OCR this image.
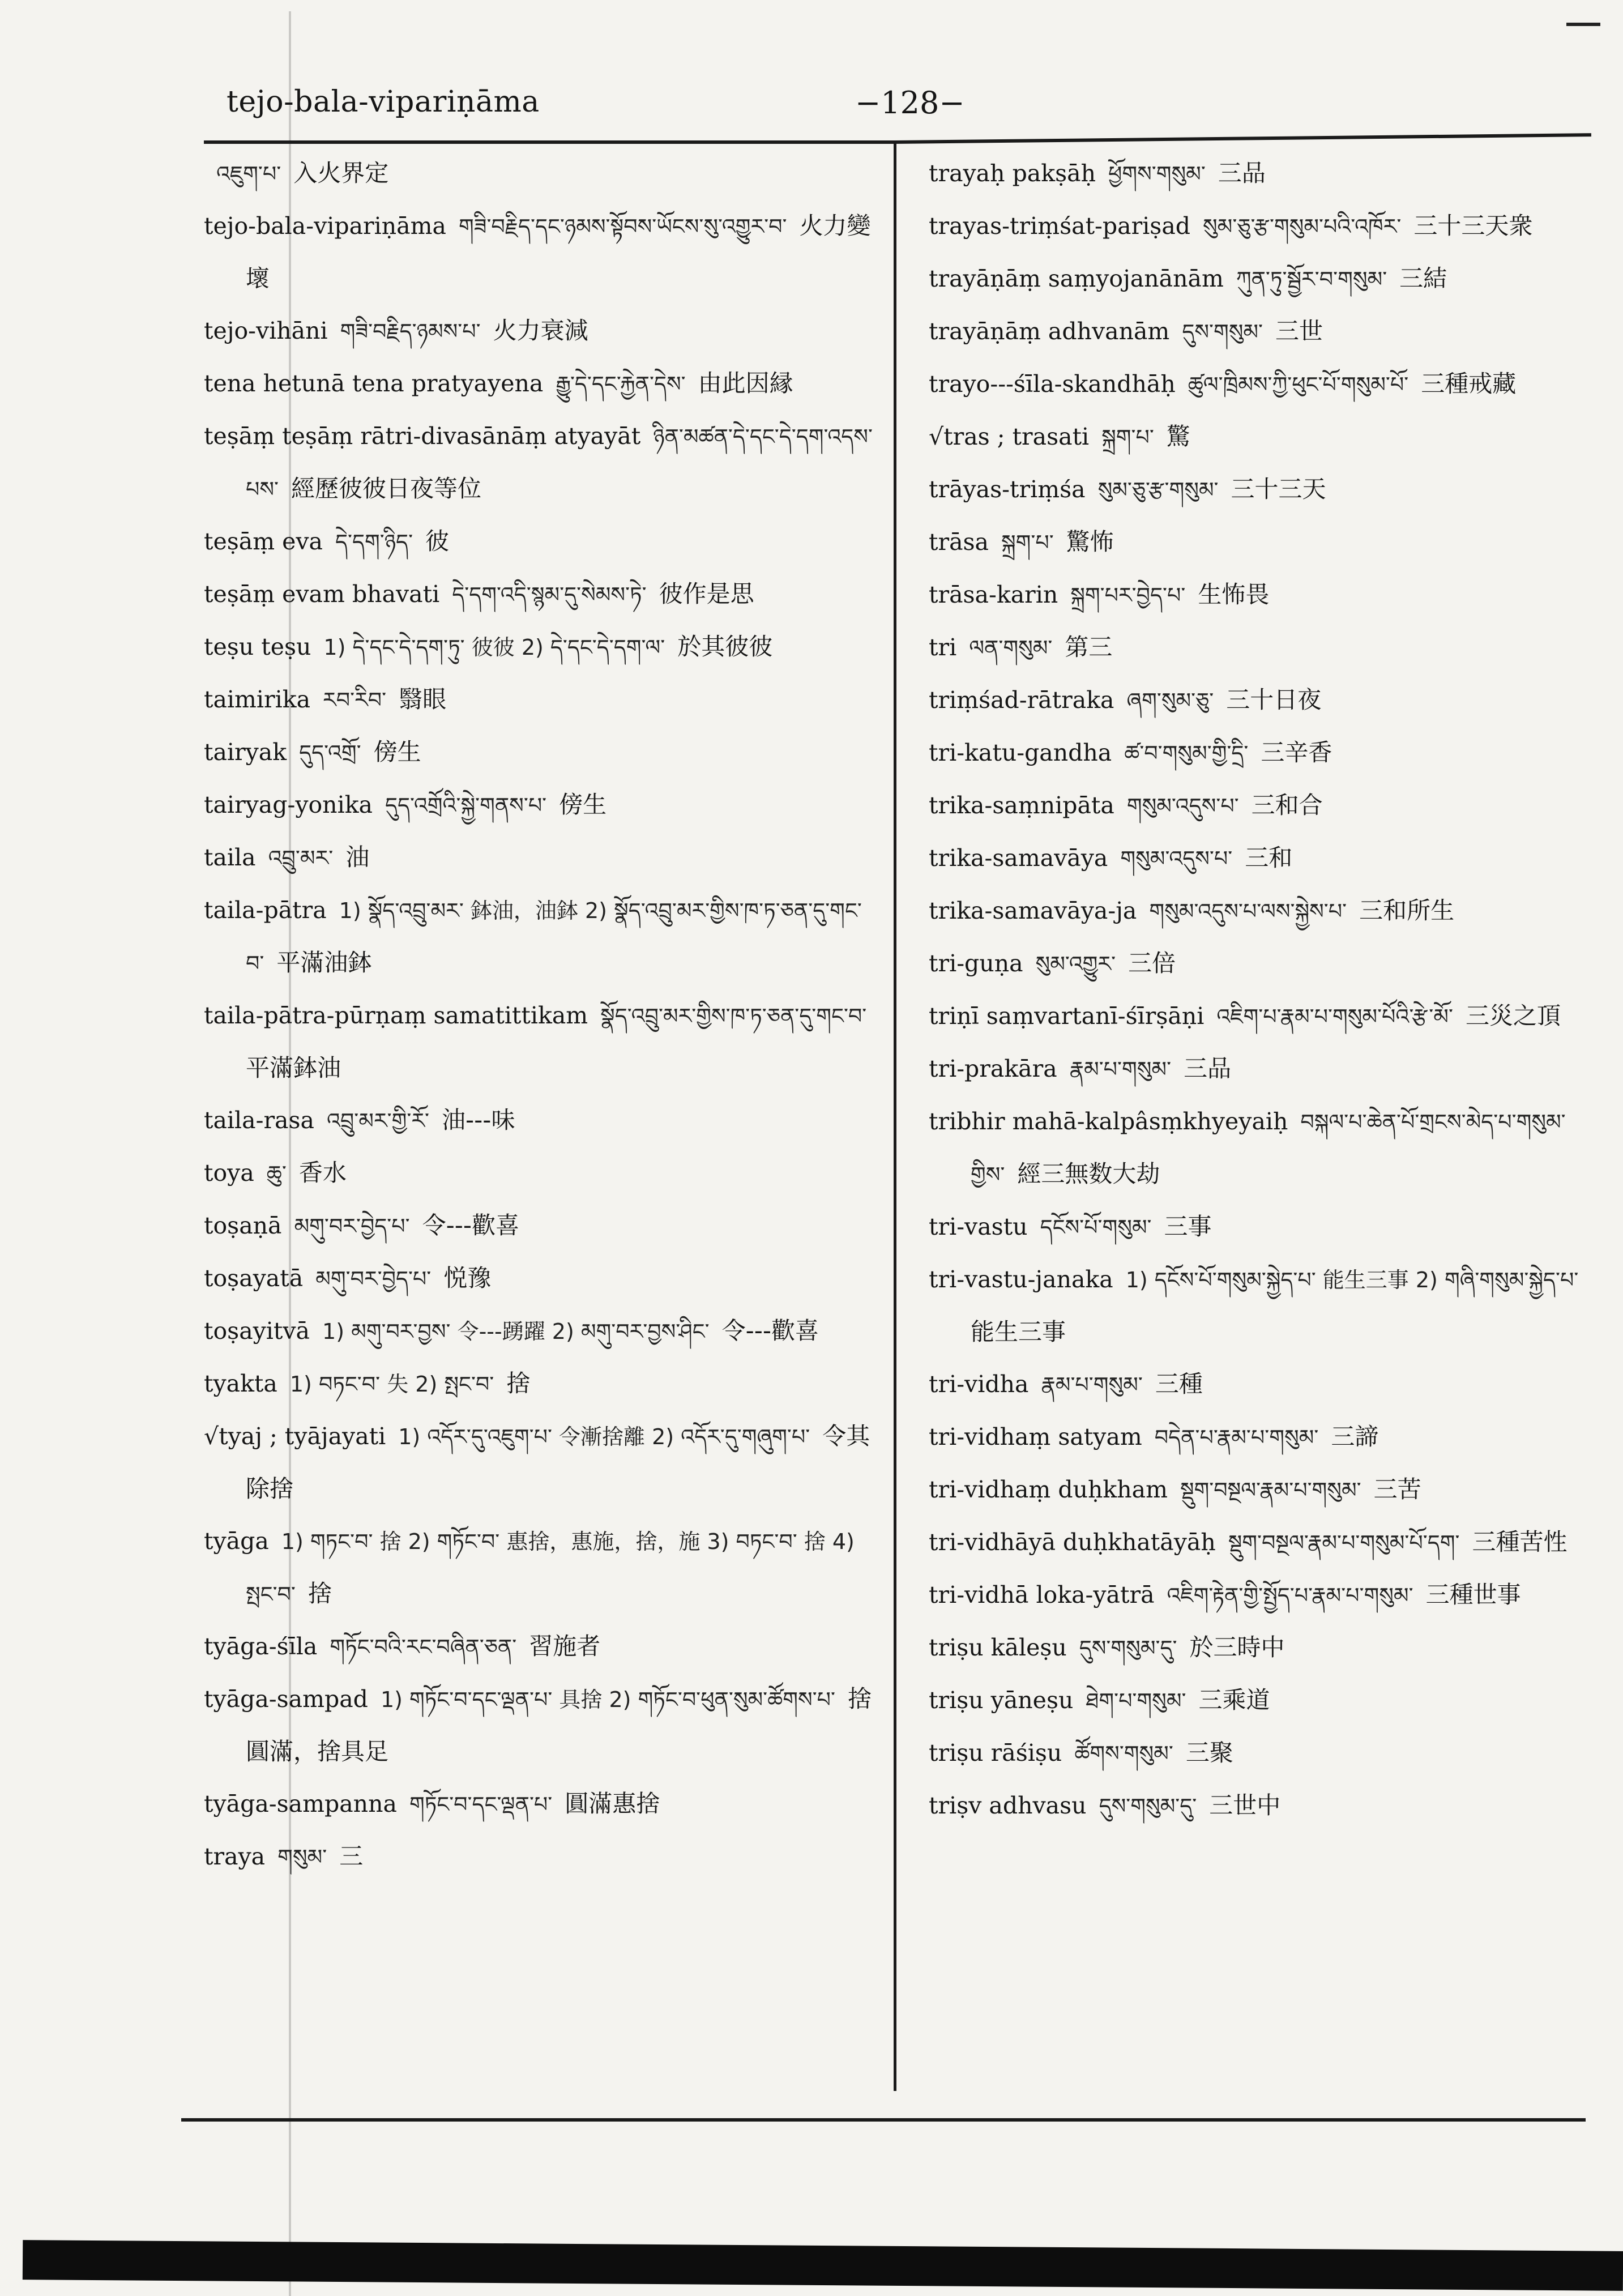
tejo-bala-vipariṇāma	−128−
འཇུག་པ་ 入火界定
tejo-bala-vipariṇāma གཟི་བརྗིད་དང་ཉམས་སྟོབས་ཡོངས་སུ་འགྱུར་བ་ 火力變壞
tejo-vihāni གཟི་བརྗིད་ཉམས་པ་ 火力衰減
tena hetunā tena pratyayena རྒྱུ་དེ་དང་རྐྱེན་དེས་ 由此因縁
teṣāṃ teṣāṃ rātri-divasānāṃ atyayāt ཉིན་མཚན་དེ་དང་དེ་དག་འདས་པས་ 經歷彼彼日夜等位
teṣāṃ eva དེ་དག་ཉིད་ 彼
teṣāṃ evam bhavati དེ་དག་འདི་སྙམ་དུ་སེམས་ཏེ་ 彼作是思
teṣu teṣu 1) དེ་དང་དེ་དག་ཏུ་ 彼彼 2) དེ་དང་དེ་དག་ལ་ 於其彼彼
taimirika རབ་རིབ་ 翳眼
tairyak དུད་འགྲོ་ 傍生
tairyag-yonika དུད་འགྲོའི་སྐྱེ་གནས་པ་ 傍生
taila འབྲུ་མར་ 油
taila-pātra 1) སྣོད་འབྲུ་མར་ 鉢油，油鉢 2) སྣོད་འབྲུ་མར་གྱིས་ཁ་ཏ་ཅན་དུ་གང་བ་ 平滿油鉢
taila-pātra-pūrṇaṃ samatittikam སྣོད་འབྲུ་མར་གྱིས་ཁ་ཏ་ཅན་དུ་གང་བ་平滿鉢油
taila-rasa འབྲུ་མར་གྱི་རོ་ 油---味
toya ཆུ་ 香水
toṣaṇā མགུ་བར་བྱེད་པ་ 令---歡喜
toṣayatā མགུ་བར་བྱེད་པ་ 悦豫
toṣayitvā 1) མགུ་བར་བྱས་ 令---踴躍 2) མགུ་བར་བྱས་ཤིང་ 令---歡喜
tyakta 1) བཏང་བ་ 失 2) སྤང་བ་ 捨
√tyaj ; tyājayati 1) འདོར་དུ་འཇུག་པ་ 令漸捨離 2) འདོར་དུ་གཞུག་པ་ 令其除捨
tyāga 1) གཏང་བ་ 捨 2) གཏོང་བ་ 惠捨，惠施，捨，施 3) བཏང་བ་ 捨 4) སྤང་བ་ 捨
tyāga-śīla གཏོང་བའི་རང་བཞིན་ཅན་ 習施者
tyāga-sampad 1) གཏོང་བ་དང་ལྡན་པ་ 具捨 2) གཏོང་བ་ཕུན་སུམ་ཚོགས་པ་ 捨圓滿，捨具足
tyāga-sampanna གཏོང་བ་དང་ལྡན་པ་ 圓滿惠捨
traya གསུམ་ 三
trayaḥ pakṣāḥ ཕྱོགས་གསུམ་ 三品
trayas-triṃśat-pariṣad སུམ་ཅུ་རྩ་གསུམ་པའི་འཁོར་ 三十三天衆
trayāṇāṃ saṃyojanānām ཀུན་ཏུ་སྦྱོར་བ་གསུམ་ 三結
trayāṇāṃ adhvanām དུས་གསུམ་ 三世
trayo---śīla-skandhāḥ ཚུལ་ཁྲིམས་ཀྱི་ཕུང་པོ་གསུམ་པོ་ 三種戒藏
√tras ; trasati སྐྲག་པ་ 驚
trāyas-triṃśa སུམ་ཅུ་རྩ་གསུམ་ 三十三天
trāsa སྐྲག་པ་ 驚怖
trāsa-karin སྐྲག་པར་བྱེད་པ་ 生怖畏
tri ལན་གསུམ་ 第三
triṃśad-rātraka ཞག་སུམ་ཅུ་ 三十日夜
tri-katu-gandha ཚ་བ་གསུམ་གྱི་དྲི་ 三辛香
trika-saṃnipāta གསུམ་འདུས་པ་ 三和合
trika-samavāya གསུམ་འདུས་པ་ 三和
trika-samavāya-ja གསུམ་འདུས་པ་ལས་སྐྱེས་པ་ 三和所生
tri-guṇa སུམ་འགྱུར་ 三倍
triṇī saṃvartanī-śīrṣāṇi འཇིག་པ་རྣམ་པ་གསུམ་པོའི་རྩེ་མོ་ 三災之頂
tri-prakāra རྣམ་པ་གསུམ་ 三品
tribhir mahā-kalpâsṃkhyeyaiḥ བསྐལ་པ་ཆེན་པོ་གྲངས་མེད་པ་གསུམ་གྱིས་ 經三無数大劫
tri-vastu དངོས་པོ་གསུམ་ 三事
tri-vastu-janaka 1) དངོས་པོ་གསུམ་སྐྱེད་པ་ 能生三事 2) གཞི་གསུམ་སྐྱེད་པ་能生三事
tri-vidha རྣམ་པ་གསུམ་ 三種
tri-vidhaṃ satyam བདེན་པ་རྣམ་པ་གསུམ་ 三諦
tri-vidhaṃ duḥkham སྡུག་བསྔལ་རྣམ་པ་གསུམ་ 三苦
tri-vidhāyā duḥkhatāyāḥ སྡུག་བསྔལ་རྣམ་པ་གསུམ་པོ་དག་ 三種苦性
tri-vidhā loka-yātrā འཇིག་རྟེན་གྱི་སྤྱོད་པ་རྣམ་པ་གསུམ་ 三種世事
triṣu kāleṣu དུས་གསུམ་དུ་ 於三時中
triṣu yāneṣu ཐེག་པ་གསུམ་ 三乘道
triṣu rāśiṣu ཚོགས་གསུམ་ 三聚
triṣv adhvasu དུས་གསུམ་དུ་ 三世中
